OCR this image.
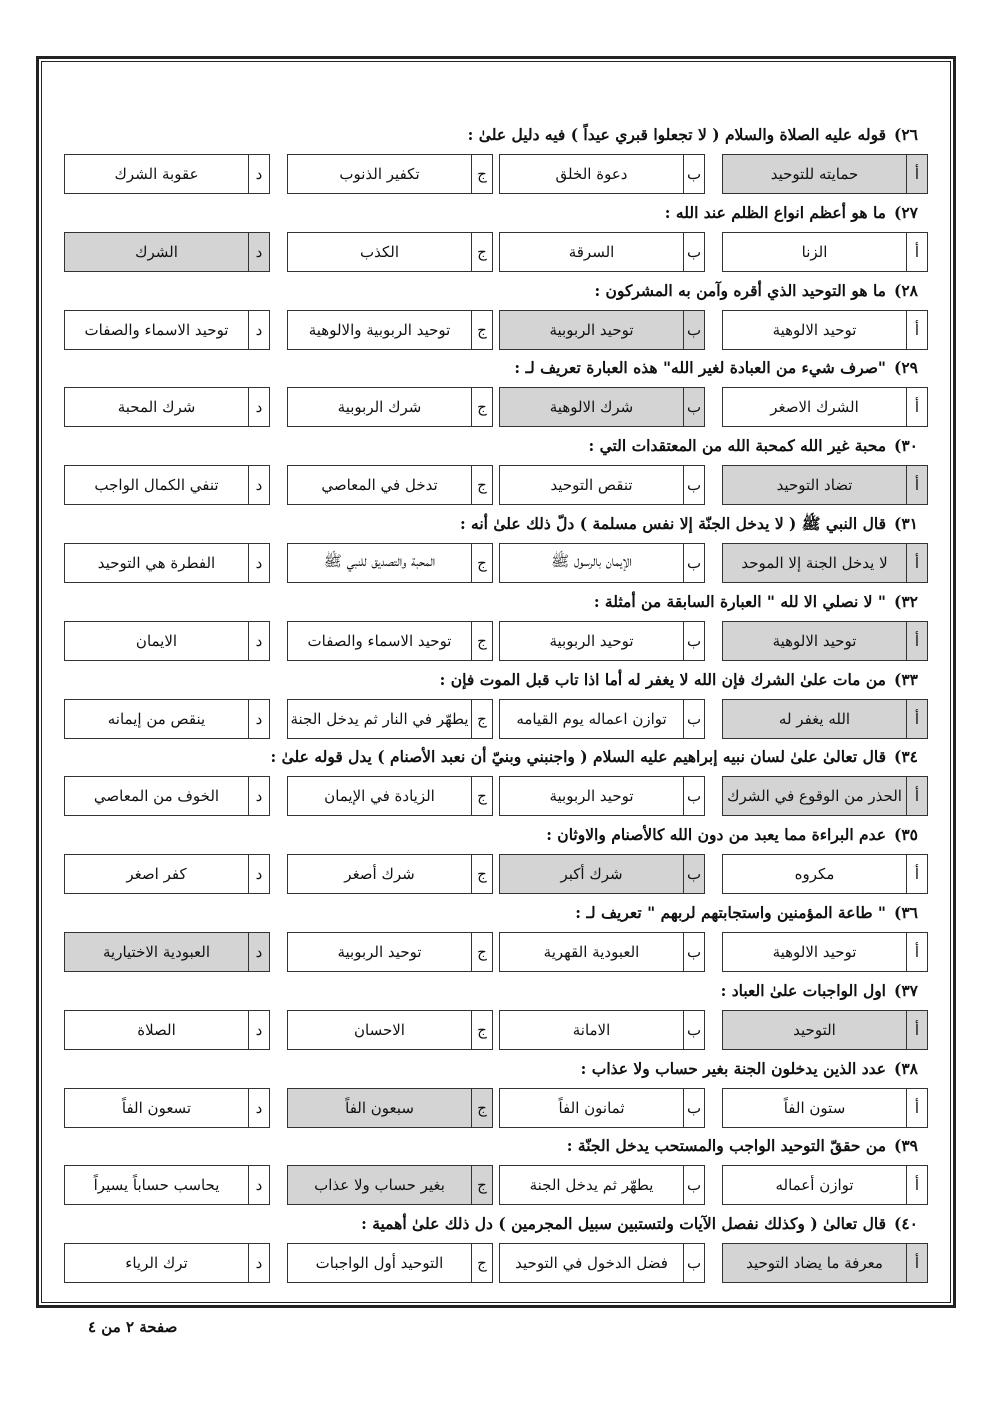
٢٦)قوله عليه الصلاة والسلام ( لا تجعلوا قبري عيداً ) فيه دليل علىٰ :
أ
حمايته للتوحيد
ب
دعوة الخلق
ج
تكفير الذنوب
د
عقوبة الشرك
٢٧)ما هو أعظم انواع الظلم عند الله :
أ
الزنا
ب
السرقة
ج
الكذب
د
الشرك
٢٨)ما هو التوحيد الذي أقره وآمن به المشركون :
أ
توحيد الالوهية
ب
توحيد الربوبية
ج
توحيد الربوبية والالوهية
د
توحيد الاسماء والصفات
٢٩)"صرف شيء من العبادة لغير الله" هذه العبارة تعريف لـ :
أ
الشرك الاصغر
ب
شرك الالوهية
ج
شرك الربوبية
د
شرك المحبة
٣٠)محبة غير الله كمحبة الله من المعتقدات التي :
أ
تضاد التوحيد
ب
تنقص التوحيد
ج
تدخل في المعاصي
د
تنفي الكمال الواجب
٣١)قال النبي ﷺ ( لا يدخل الجنّة إلا نفس مسلمة ) دلّ ذلك علىٰ أنه :
أ
لا يدخل الجنة إلا الموحد
ب
الإيمان بالرسول ﷺ
ج
المحبة والتصديق للنبي ﷺ
د
الفطرة هي التوحيد
٣٢)" لا نصلي الا لله " العبارة السابقة من أمثلة :
أ
توحيد الالوهية
ب
توحيد الربوبية
ج
توحيد الاسماء والصفات
د
الايمان
٣٣)من مات علىٰ الشرك فإن الله لا يغفر له أما اذا تاب قبل الموت فإن :
أ
الله يغفر له
ب
توازن اعماله يوم القيامه
ج
يطهّر في النار ثم يدخل الجنة
د
ينقص من إيمانه
٣٤)قال تعالىٰ علىٰ لسان نبيه إبراهيم عليه السلام ( واجنبني وبنيّ أن نعبد الأصنام ) يدل قوله علىٰ :
أ
الحذر من الوقوع في الشرك
ب
توحيد الربوبية
ج
الزيادة في الإيمان
د
الخوف من المعاصي
٣٥)عدم البراءة مما يعبد من دون الله كالأصنام والاوثان :
أ
مكروه
ب
شرك أكبر
ج
شرك أصغر
د
كفر اصغر
٣٦)" طاعة المؤمنين واستجابتهم لربهم " تعريف لـ :
أ
توحيد الالوهية
ب
العبودية القهرية
ج
توحيد الربوبية
د
العبودية الاختيارية
٣٧)اول الواجبات علىٰ العباد :
أ
التوحيد
ب
الامانة
ج
الاحسان
د
الصلاة
٣٨)عدد الذين يدخلون الجنة بغير حساب ولا عذاب :
أ
ستون الفاً
ب
ثمانون الفاً
ج
سبعون الفاً
د
تسعون الفاً
٣٩)من حققّ التوحيد الواجب والمستحب يدخل الجنّة :
أ
توازن أعماله
ب
يطهّر ثم يدخل الجنة
ج
بغير حساب ولا عذاب
د
يحاسب حساباً يسيراً
٤٠)قال تعالىٰ ( وكذلك نفصل الآيات ولتستبين سبيل المجرمين ) دل ذلك علىٰ أهمية :
أ
معرفة ما يضاد التوحيد
ب
فضل الدخول في التوحيد
ج
التوحيد أول الواجبات
د
ترك الرياء
صفحة ٢ من ٤
